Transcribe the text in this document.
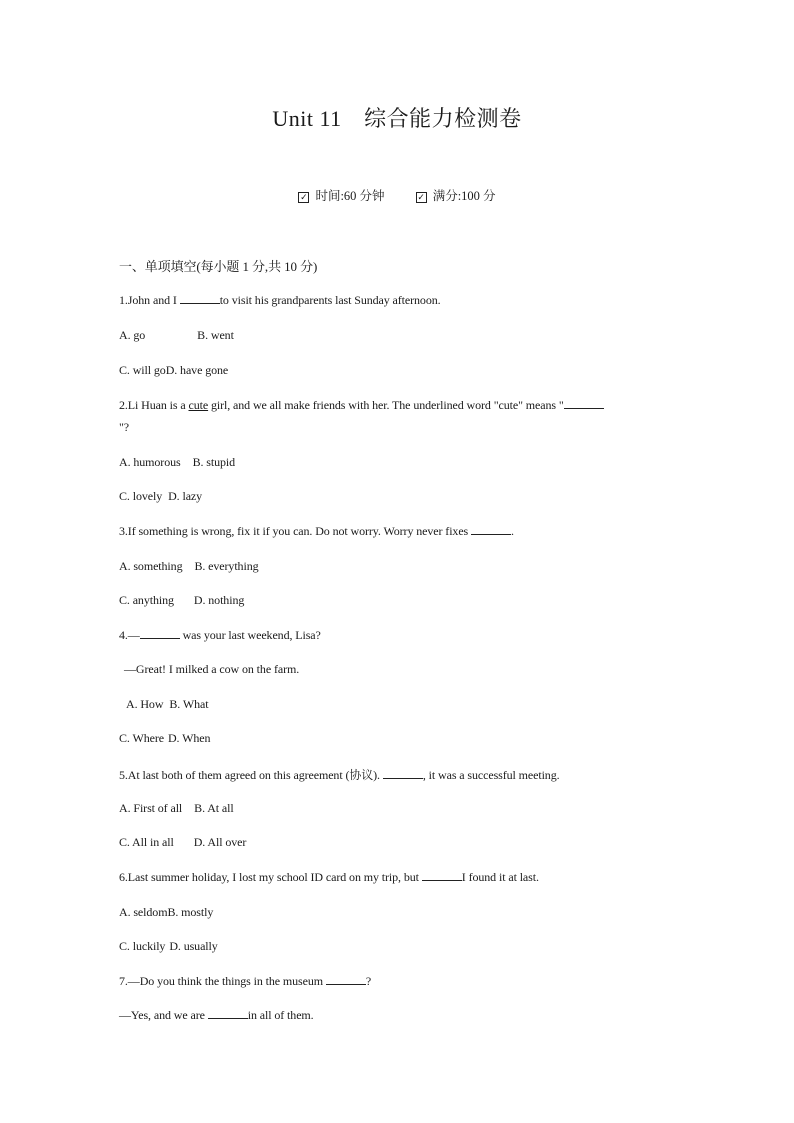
Unit 11　综合能力检测卷
✓ 时间:60 分钟	✓ 满分:100 分
一、单项填空(每小题 1 分,共 10 分)
1.John and I	to visit his grandparents last Sunday afternoon.
A. go	B. went
C. will goD. have gone
2.Li Huan is a cute girl, and we all make friends with her. The underlined word "cute" means "
"?
A. humorous B. stupid
C. lovely D. lazy
3.If something is wrong, fix it if you can. Do not worry. Worry never fixes	.
A. something B. everything
C. anything D. nothing
4.—	was your last weekend, Lisa?
—Great! I milked a cow on the farm.
A. How B. What
C. Where D. When
5.At last both of them agreed on this agreement (协议).	, it was a successful meeting.
A. First of all B. At all
C. All in all D. All over
6.Last summer holiday, I lost my school ID card on my trip, but	I found it at last.
A. seldomB. mostly
C. luckily D. usually
7.—Do you think the things in the museum	?
—Yes, and we are	in all of them.
